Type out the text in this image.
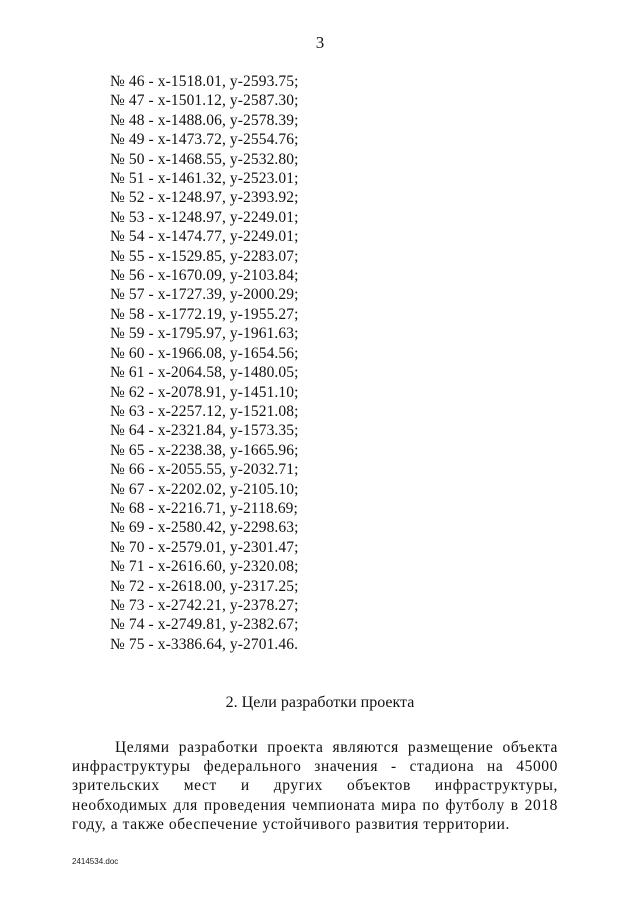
3
№ 46 - x-1518.01, y-2593.75;
№ 47 - x-1501.12, y-2587.30;
№ 48 - x-1488.06, y-2578.39;
№ 49 - x-1473.72, y-2554.76;
№ 50 - x-1468.55, y-2532.80;
№ 51 - x-1461.32, y-2523.01;
№ 52 - x-1248.97, y-2393.92;
№ 53 - x-1248.97, y-2249.01;
№ 54 - x-1474.77, y-2249.01;
№ 55 - x-1529.85, y-2283.07;
№ 56 - x-1670.09, y-2103.84;
№ 57 - x-1727.39, y-2000.29;
№ 58 - x-1772.19, y-1955.27;
№ 59 - x-1795.97, y-1961.63;
№ 60 - x-1966.08, y-1654.56;
№ 61 - x-2064.58, y-1480.05;
№ 62 - x-2078.91, y-1451.10;
№ 63 - x-2257.12, y-1521.08;
№ 64 - x-2321.84, y-1573.35;
№ 65 - x-2238.38, y-1665.96;
№ 66 - x-2055.55, y-2032.71;
№ 67 - x-2202.02, y-2105.10;
№ 68 - x-2216.71, y-2118.69;
№ 69 - x-2580.42, y-2298.63;
№ 70 - x-2579.01, y-2301.47;
№ 71 - x-2616.60, y-2320.08;
№ 72 - x-2618.00, y-2317.25;
№ 73 - x-2742.21, y-2378.27;
№ 74 - x-2749.81, y-2382.67;
№ 75 - x-3386.64, y-2701.46.
2. Цели разработки проекта

Целями разработки проекта являются размещение объекта инфраструктуры федерального значения - стадиона на 45000 зрительских мест и других объектов инфраструктуры, необходимых для проведения чемпионата мира по футболу в 2018 году, а также обеспечение устойчивого развития территории.

2414534.doc
